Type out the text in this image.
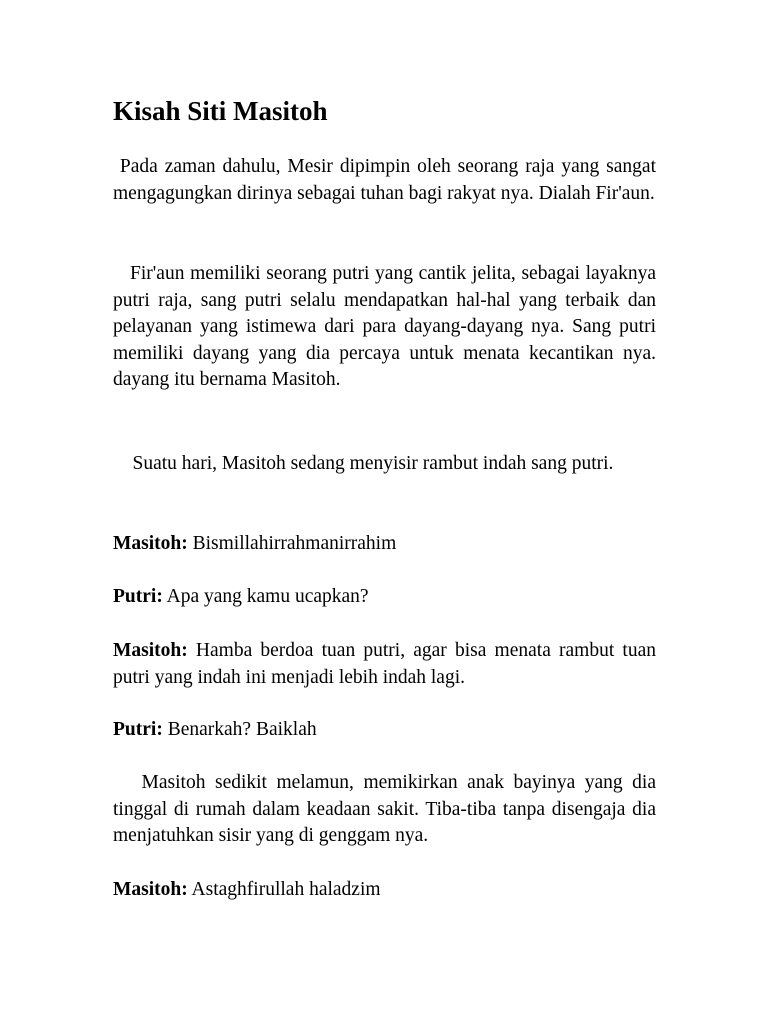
Kisah Siti Masitoh

Pada zaman dahulu, Mesir dipimpin oleh seorang raja yang sangat mengagungkan dirinya sebagai tuhan bagi rakyat nya. Dialah Fir'aun.

Fir'aun memiliki seorang putri yang cantik jelita, sebagai layaknya putri raja, sang putri selalu mendapatkan hal-hal yang terbaik dan pelayanan yang istimewa dari para dayang-dayang nya. Sang putri memiliki dayang yang dia percaya untuk menata kecantikan nya. dayang itu bernama Masitoh.

Suatu hari, Masitoh sedang menyisir rambut indah sang putri.

Masitoh: Bismillahirrahmanirrahim

Putri: Apa yang kamu ucapkan?

Masitoh: Hamba berdoa tuan putri, agar bisa menata rambut tuan putri yang indah ini menjadi lebih indah lagi.

Putri: Benarkah? Baiklah

Masitoh sedikit melamun, memikirkan anak bayinya yang dia tinggal di rumah dalam keadaan sakit. Tiba-tiba tanpa disengaja dia menjatuhkan sisir yang di genggam nya.

Masitoh: Astaghfirullah haladzim
